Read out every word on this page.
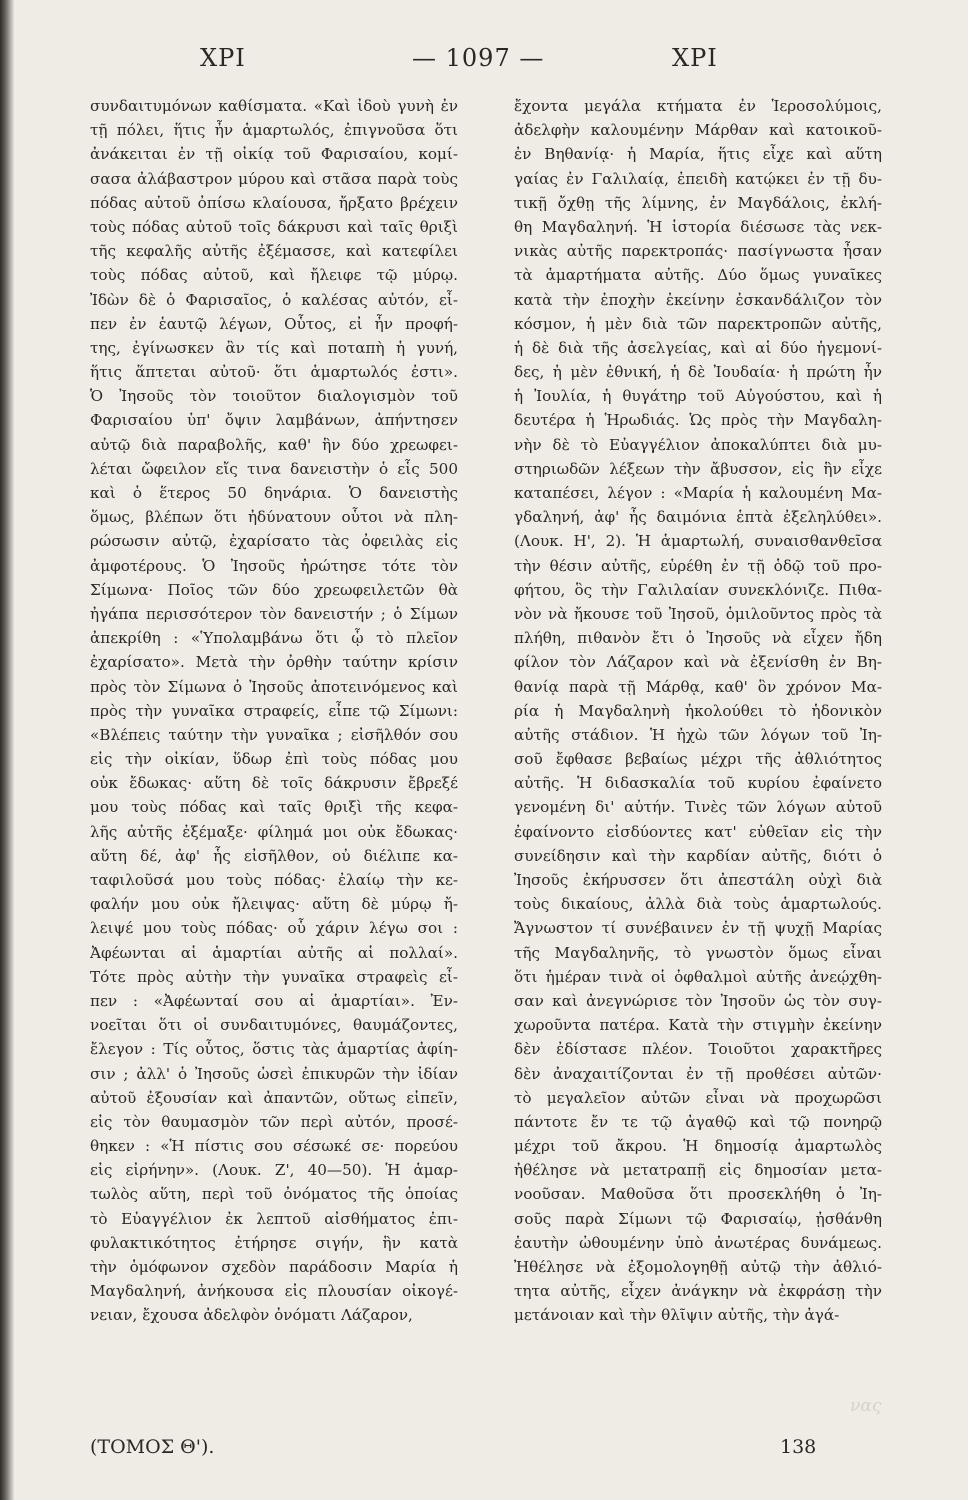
ΧΡΙ	— 1097 —	ΧΡΙ
συνδαιτυμόνων καθίσματα. «Καὶ ἰδοὺ γυνὴ ἐν
τῇ πόλει, ἥτις ἦν ἁμαρτωλός, ἐπιγνοῦσα ὅτι
ἀνάκειται ἐν τῇ οἰκίᾳ τοῦ Φαρισαίου, κομί-
σασα ἀλάβαστρον μύρου καὶ στᾶσα παρὰ τοὺς
πόδας αὐτοῦ ὀπίσω κλαίουσα, ἤρξατο βρέχειν
τοὺς πόδας αὐτοῦ τοῖς δάκρυσι καὶ ταῖς θριξὶ
τῆς κεφαλῆς αὐτῆς ἐξέμασσε, καὶ κατεφίλει
τοὺς πόδας αὐτοῦ, καὶ ἤλειφε τῷ μύρῳ.
Ἰδὼν δὲ ὁ Φαρισαῖος, ὁ καλέσας αὐτόν, εἶ-
πεν ἐν ἑαυτῷ λέγων, Οὗτος, εἰ ἦν προφή-
της, ἐγίνωσκεν ἂν τίς καὶ ποταπὴ ἡ γυνή,
ἥτις ἅπτεται αὐτοῦ· ὅτι ἁμαρτωλός ἐστι».
Ὁ Ἰησοῦς τὸν τοιοῦτον διαλογισμὸν τοῦ
Φαρισαίου ὑπ' ὄψιν λαμβάνων, ἀπήντησεν
αὐτῷ διὰ παραβολῆς, καθ' ἣν δύο χρεωφει-
λέται ὤφειλον εἴς τινα δανειστὴν ὁ εἷς 500
καὶ ὁ ἕτερος 50 δηνάρια. Ὁ δανειστὴς
ὅμως, βλέπων ὅτι ἠδύνατουν οὗτοι νὰ πλη-
ρώσωσιν αὐτῷ, ἐχαρίσατο τὰς ὀφειλὰς εἰς
ἀμφοτέρους. Ὁ Ἰησοῦς ἠρώτησε τότε τὸν
Σίμωνα· Ποῖος τῶν δύο χρεωφειλετῶν θὰ
ἠγάπα περισσότερον τὸν δανειστήν ; ὁ Σίμων
ἀπεκρίθη : «Ὑπολαμβάνω ὅτι ᾧ τὸ πλεῖον
ἐχαρίσατο». Μετὰ τὴν ὀρθὴν ταύτην κρίσιν
πρὸς τὸν Σίμωνα ὁ Ἰησοῦς ἀποτεινόμενος καὶ
πρὸς τὴν γυναῖκα στραφείς, εἶπε τῷ Σίμωνι:
«Βλέπεις ταύτην τὴν γυναῖκα ; εἰσῆλθόν σου
εἰς τὴν οἰκίαν, ὕδωρ ἐπὶ τοὺς πόδας μου
οὐκ ἔδωκας· αὕτη δὲ τοῖς δάκρυσιν ἔβρεξέ
μου τοὺς πόδας καὶ ταῖς θριξὶ τῆς κεφα-
λῆς αὐτῆς ἐξέμαξε· φίλημά μοι οὐκ ἔδωκας·
αὕτη δέ, ἀφ' ἧς εἰσῆλθον, οὐ διέλιπε κα-
ταφιλοῦσά μου τοὺς πόδας· ἐλαίῳ τὴν κε-
φαλήν μου οὐκ ἤλειψας· αὕτη δὲ μύρῳ ἤ-
λειψέ μου τοὺς πόδας· οὗ χάριν λέγω σοι :
Ἀφέωνται αἱ ἁμαρτίαι αὐτῆς αἱ πολλαί».
Τότε πρὸς αὐτὴν τὴν γυναῖκα στραφεὶς εἶ-
πεν : «Ἀφέωνταί σου αἱ ἁμαρτίαι». Ἐν-
νοεῖται ὅτι οἱ συνδαιτυμόνες, θαυμάζοντες,
ἔλεγον : Τίς οὗτος, ὅστις τὰς ἁμαρτίας ἀφίη-
σιν ; ἀλλ' ὁ Ἰησοῦς ὡσεὶ ἐπικυρῶν τὴν ἰδίαν
αὐτοῦ ἐξουσίαν καὶ ἀπαντῶν, οὕτως εἰπεῖν,
εἰς τὸν θαυμασμὸν τῶν περὶ αὐτόν, προσέ-
θηκεν : «Ἡ πίστις σου σέσωκέ σε· πορεύου
εἰς εἰρήνην». (Λουκ. Ζ', 40—50). Ἡ ἁμαρ-
τωλὸς αὕτη, περὶ τοῦ ὀνόματος τῆς ὁποίας
τὸ Εὐαγγέλιον ἐκ λεπτοῦ αἰσθήματος ἐπι-
φυλακτικότητος ἐτήρησε σιγήν, ἣν κατὰ
τὴν ὁμόφωνον σχεδὸν παράδοσιν Μαρία ἡ
Μαγδαληνή, ἀνήκουσα εἰς πλουσίαν οἰκογέ-
νειαν, ἔχουσα ἀδελφὸν ὀνόματι Λάζαρον,
ἔχοντα μεγάλα κτήματα ἐν Ἱεροσολύμοις,
ἀδελφὴν καλουμένην Μάρθαν καὶ κατοικοῦ-
ἐν Βηθανίᾳ· ἡ Μαρία, ἥτις εἶχε καὶ αὕτη
γαίας ἐν Γαλιλαίᾳ, ἐπειδὴ κατῴκει ἐν τῇ δυ-
τικῇ ὄχθῃ τῆς λίμνης, ἐν Μαγδάλοις, ἐκλή-
θη Μαγδαληνή. Ἡ ἱστορία διέσωσε τὰς νεκ-
νικὰς αὐτῆς παρεκτροπάς· πασίγνωστα ἦσαν
τὰ ἁμαρτήματα αὐτῆς. Δύο ὅμως γυναῖκες
κατὰ τὴν ἐποχὴν ἐκείνην ἐσκανδάλιζον τὸν
κόσμον, ἡ μὲν διὰ τῶν παρεκτροπῶν αὐτῆς,
ἡ δὲ διὰ τῆς ἀσελγείας, καὶ αἱ δύο ἡγεμονί-
δες, ἡ μὲν ἐθνική, ἡ δὲ Ἰουδαία· ἡ πρώτη ἦν
ἡ Ἰουλία, ἡ θυγάτηρ τοῦ Αὐγούστου, καὶ ἡ
δευτέρα ἡ Ἡρωδιάς. Ὡς πρὸς τὴν Μαγδαλη-
νὴν δὲ τὸ Εὐαγγέλιον ἀποκαλύπτει διὰ μυ-
στηριωδῶν λέξεων τὴν ἄβυσσον, εἰς ἣν εἶχε
καταπέσει, λέγον : «Μαρία ἡ καλουμένη Μα-
γδαληνή, ἀφ' ἧς δαιμόνια ἑπτὰ ἐξεληλύθει».
(Λουκ. Η', 2). Ἡ ἁμαρτωλή, συναισθανθεῖσα
τὴν θέσιν αὐτῆς, εὑρέθη ἐν τῇ ὁδῷ τοῦ προ-
φήτου, ὃς τὴν Γαλιλαίαν συνεκλόνιζε. Πιθα-
νὸν νὰ ἤκουσε τοῦ Ἰησοῦ, ὁμιλοῦντος πρὸς τὰ
πλήθη, πιθανὸν ἔτι ὁ Ἰησοῦς νὰ εἶχεν ἤδη
φίλον τὸν Λάζαρον καὶ νὰ ἐξενίσθη ἐν Βη-
θανίᾳ παρὰ τῇ Μάρθᾳ, καθ' ὃν χρόνον Μα-
ρία ἡ Μαγδαληνὴ ἠκολούθει τὸ ἡδονικὸν
αὐτῆς στάδιον. Ἡ ἠχὼ τῶν λόγων τοῦ Ἰη-
σοῦ ἔφθασε βεβαίως μέχρι τῆς ἀθλιότητος
αὐτῆς. Ἡ διδασκαλία τοῦ κυρίου ἐφαίνετο
γενομένη δι' αὐτήν. Τινὲς τῶν λόγων αὐτοῦ
ἐφαίνοντο εἰσδύοντες κατ' εὐθεῖαν εἰς τὴν
συνείδησιν καὶ τὴν καρδίαν αὐτῆς, διότι ὁ
Ἰησοῦς ἐκήρυσσεν ὅτι ἀπεστάλη οὐχὶ διὰ
τοὺς δικαίους, ἀλλὰ διὰ τοὺς ἁμαρτωλούς.
Ἄγνωστον τί συνέβαινεν ἐν τῇ ψυχῇ Μαρίας
τῆς Μαγδαληνῆς, τὸ γνωστὸν ὅμως εἶναι
ὅτι ἡμέραν τινὰ οἱ ὀφθαλμοὶ αὐτῆς ἀνεῴχθη-
σαν καὶ ἀνεγνώρισε τὸν Ἰησοῦν ὡς τὸν συγ-
χωροῦντα πατέρα. Κατὰ τὴν στιγμὴν ἐκείνην
δὲν ἐδίστασε πλέον. Τοιοῦτοι χαρακτῆρες
δὲν ἀναχαιτίζονται ἐν τῇ προθέσει αὐτῶν·
τὸ μεγαλεῖον αὐτῶν εἶναι νὰ προχωρῶσι
πάντοτε ἔν τε τῷ ἀγαθῷ καὶ τῷ πονηρῷ
μέχρι τοῦ ἄκρου. Ἡ δημοσίᾳ ἁμαρτωλὸς
ἠθέλησε νὰ μετατραπῇ εἰς δημοσίαν μετα-
νοοῦσαν. Μαθοῦσα ὅτι προσεκλήθη ὁ Ἰη-
σοῦς παρὰ Σίμωνι τῷ Φαρισαίῳ, ᾐσθάνθη
ἑαυτὴν ὠθουμένην ὑπὸ ἀνωτέρας δυνάμεως.
Ἠθέλησε νὰ ἐξομολογηθῇ αὐτῷ τὴν ἀθλιό-
τητα αὐτῆς, εἶχεν ἀνάγκην νὰ ἐκφράσῃ τὴν
μετάνοιαν καὶ τὴν θλῖψιν αὐτῆς, τὴν ἀγά-
νας
(ΤΟΜΟΣ Θ').	138
